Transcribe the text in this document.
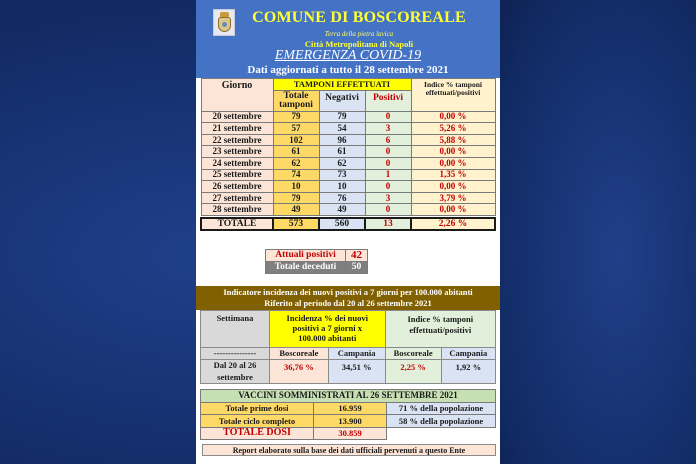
COMUNE DI BOSCOREALE
Terra della pietra lavica
Città Metropolitana di Napoli
EMERGENZA COVID-19
Dati aggiornati a tutto il 28 settembre 2021
Giorno	TAMPONI EFFETTUATI			Indice % tamponi
effettuati/positivi
	Totale
tamponi	Negativi	Positivi	
20 settembre	79	79	0	0,00 %
21 settembre	57	54	3	5,26 %
22 settembre	102	96	6	5,88 %
23 settembre	61	61	0	0,00 %
24 settembre	62	62	0	0,00 %
25 settembre	74	73	1	1,35 %
26 settembre	10	10	0	0,00 %
27 settembre	79	76	3	3,79 %
28 settembre	49	49	0	0,00 %

TOTALE	573	560	13	2,26 %
Attuali positivi	42
Totale deceduti	50
Indicatore incidenza dei nuovi positivi a 7 giorni per 100.000 abitanti
Riferito al periodo dal 20 al 26 settembre 2021
Settimana	Incidenza % dei nuovi
positivi a 7 giorni x
100.000 abitanti		Indice % tamponi
effettuati/positivi	
---------------	Boscoreale	Campania	Boscoreale	Campania
Dal 20 al 26
settembre	36,76 %	34,51 %	2,25 %	1,92 %
VACCINI SOMMINISTRATI AL 26 SETTEMBRE 2021		
Totale prime dosi	16.959	71 % della popolazione
Totale ciclo completo	13.900	58 % della popolazione
TOTALE DOSI	30.859	
Report elaborato sulla base dei dati ufficiali pervenuti a questo Ente
